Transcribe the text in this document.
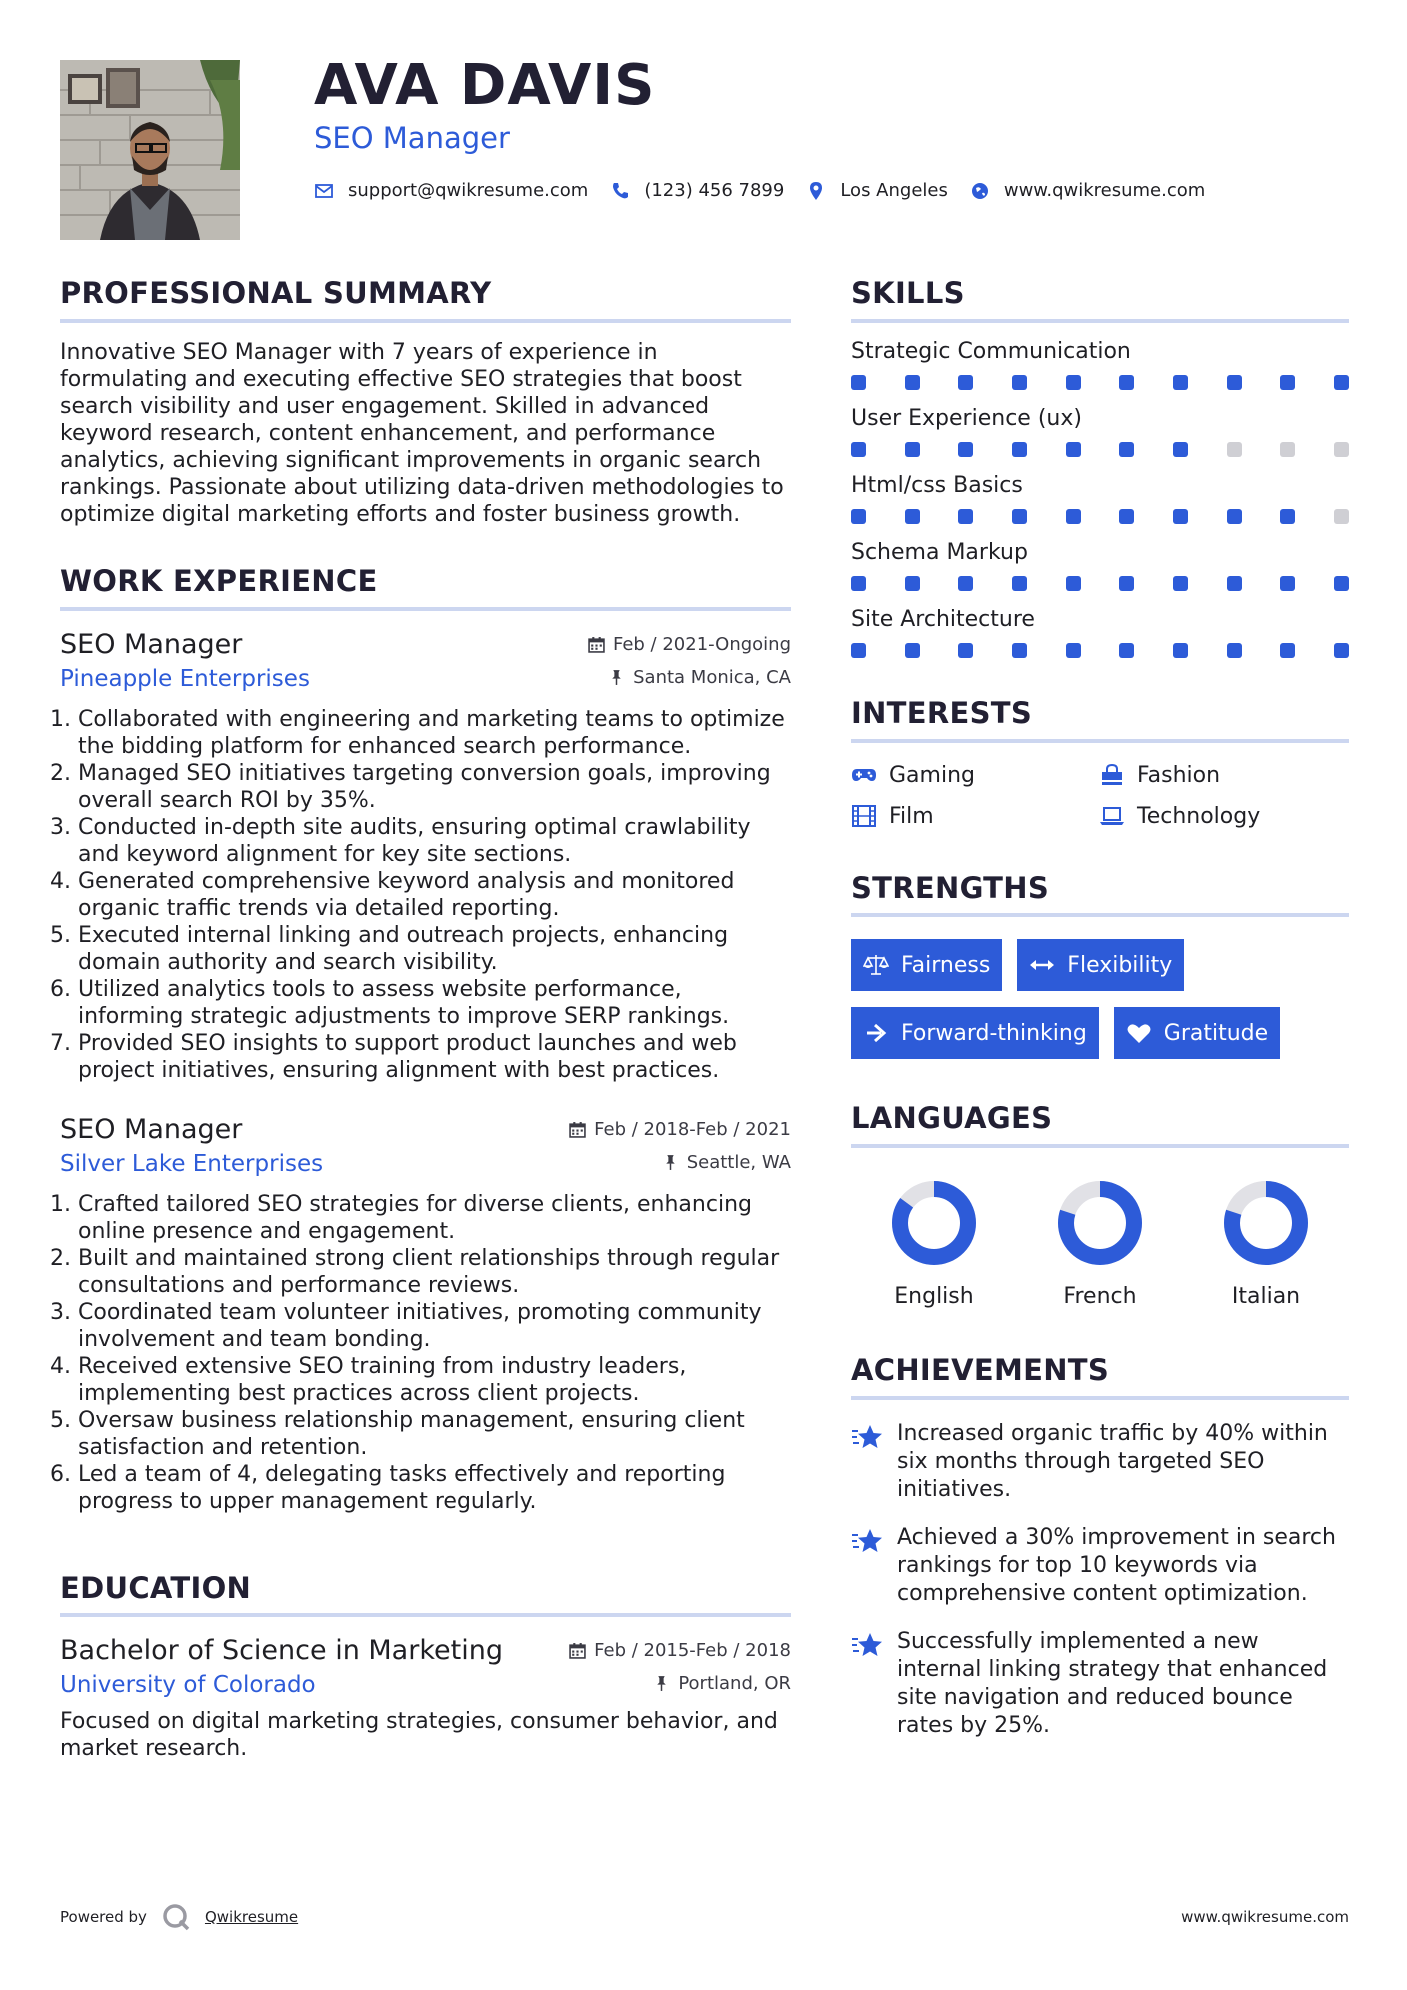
AVA DAVIS
SEO Manager
support@qwikresume.com	(123) 456 7899	Los Angeles	www.qwikresume.com
PROFESSIONAL SUMMARY

Innovative SEO Manager with 7 years of experience in formulating and executing effective SEO strategies that boost search visibility and user engagement. Skilled in advanced keyword research, content enhancement, and performance analytics, achieving significant improvements in organic search rankings. Passionate about utilizing data-driven methodologies to optimize digital marketing efforts and foster business growth.

WORK EXPERIENCE
SEO Manager	Feb / 2021-Ongoing
Pineapple Enterprises	Santa Monica, CA
1. Collaborated with engineering and marketing teams to optimize the bidding platform for enhanced search performance.
2. Managed SEO initiatives targeting conversion goals, improving overall search ROI by 35%.
3. Conducted in-depth site audits, ensuring optimal crawlability and keyword alignment for key site sections.
4. Generated comprehensive keyword analysis and monitored organic traffic trends via detailed reporting.
5. Executed internal linking and outreach projects, enhancing domain authority and search visibility.
6. Utilized analytics tools to assess website performance, informing strategic adjustments to improve SERP rankings.
7. Provided SEO insights to support product launches and web project initiatives, ensuring alignment with best practices.
SEO Manager	Feb / 2018-Feb / 2021
Silver Lake Enterprises	Seattle, WA
1. Crafted tailored SEO strategies for diverse clients, enhancing online presence and engagement.
2. Built and maintained strong client relationships through regular consultations and performance reviews.
3. Coordinated team volunteer initiatives, promoting community involvement and team bonding.
4. Received extensive SEO training from industry leaders, implementing best practices across client projects.
5. Oversaw business relationship management, ensuring client satisfaction and retention.
6. Led a team of 4, delegating tasks effectively and reporting progress to upper management regularly.
EDUCATION
Bachelor of Science in Marketing	Feb / 2015-Feb / 2018
University of Colorado	Portland, OR
Focused on digital marketing strategies, consumer behavior, and market research.
SKILLS
Strategic Communication
User Experience (ux)
Html/css Basics
Schema Markup
Site Architecture
INTERESTS
Gaming	Fashion
Film	Technology
STRENGTHS
Fairness	Flexibility
Forward-thinking	Gratitude
LANGUAGES
English	French	Italian
ACHIEVEMENTS
Increased organic traffic by 40% within six months through targeted SEO initiatives.
Achieved a 30% improvement in search rankings for top 10 keywords via comprehensive content optimization.
Successfully implemented a new internal linking strategy that enhanced site navigation and reduced bounce rates by 25%.
Powered by	Qwikresume	www.qwikresume.com
